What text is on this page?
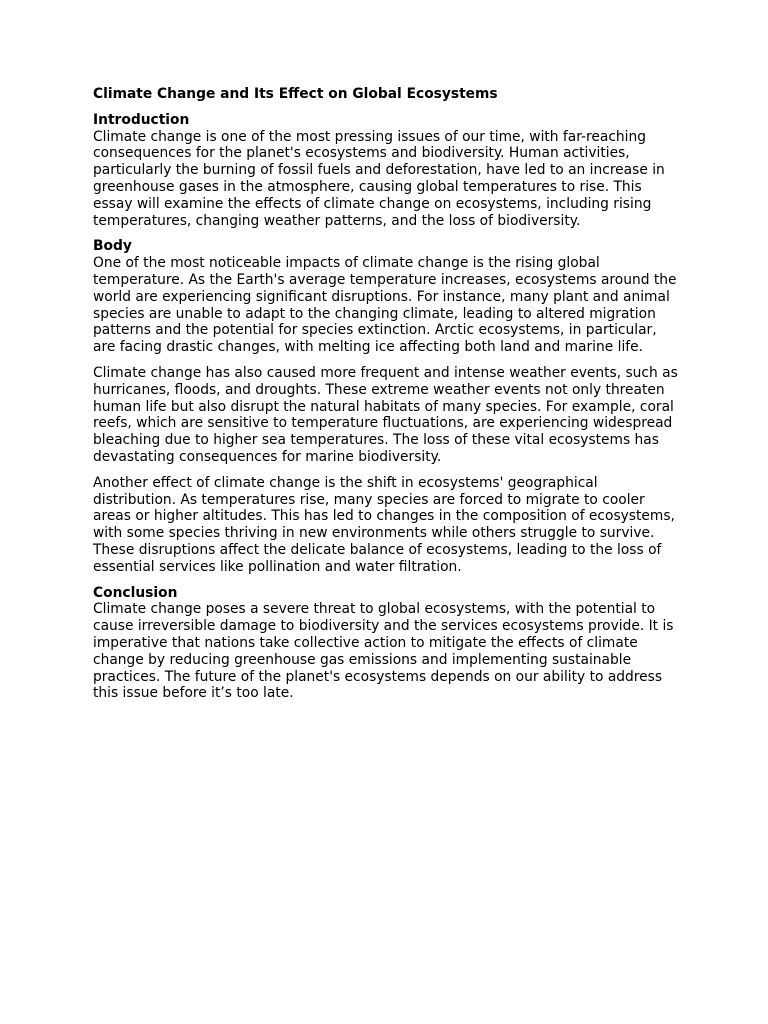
Climate Change and Its Effect on Global Ecosystems
Introduction

Climate change is one of the most pressing issues of our time, with far-reaching consequences for the planet's ecosystems and biodiversity. Human activities, particularly the burning of fossil fuels and deforestation, have led to an increase in greenhouse gases in the atmosphere, causing global temperatures to rise. This essay will examine the effects of climate change on ecosystems, including rising temperatures, changing weather patterns, and the loss of biodiversity.

Body

One of the most noticeable impacts of climate change is the rising global temperature. As the Earth's average temperature increases, ecosystems around the world are experiencing significant disruptions. For instance, many plant and animal species are unable to adapt to the changing climate, leading to altered migration patterns and the potential for species extinction. Arctic ecosystems, in particular, are facing drastic changes, with melting ice affecting both land and marine life.

Climate change has also caused more frequent and intense weather events, such as hurricanes, floods, and droughts. These extreme weather events not only threaten human life but also disrupt the natural habitats of many species. For example, coral reefs, which are sensitive to temperature fluctuations, are experiencing widespread bleaching due to higher sea temperatures. The loss of these vital ecosystems has devastating consequences for marine biodiversity.

Another effect of climate change is the shift in ecosystems' geographical distribution. As temperatures rise, many species are forced to migrate to cooler areas or higher altitudes. This has led to changes in the composition of ecosystems, with some species thriving in new environments while others struggle to survive. These disruptions affect the delicate balance of ecosystems, leading to the loss of essential services like pollination and water filtration.

Conclusion

Climate change poses a severe threat to global ecosystems, with the potential to cause irreversible damage to biodiversity and the services ecosystems provide. It is imperative that nations take collective action to mitigate the effects of climate change by reducing greenhouse gas emissions and implementing sustainable practices. The future of the planet's ecosystems depends on our ability to address this issue before it’s too late.
